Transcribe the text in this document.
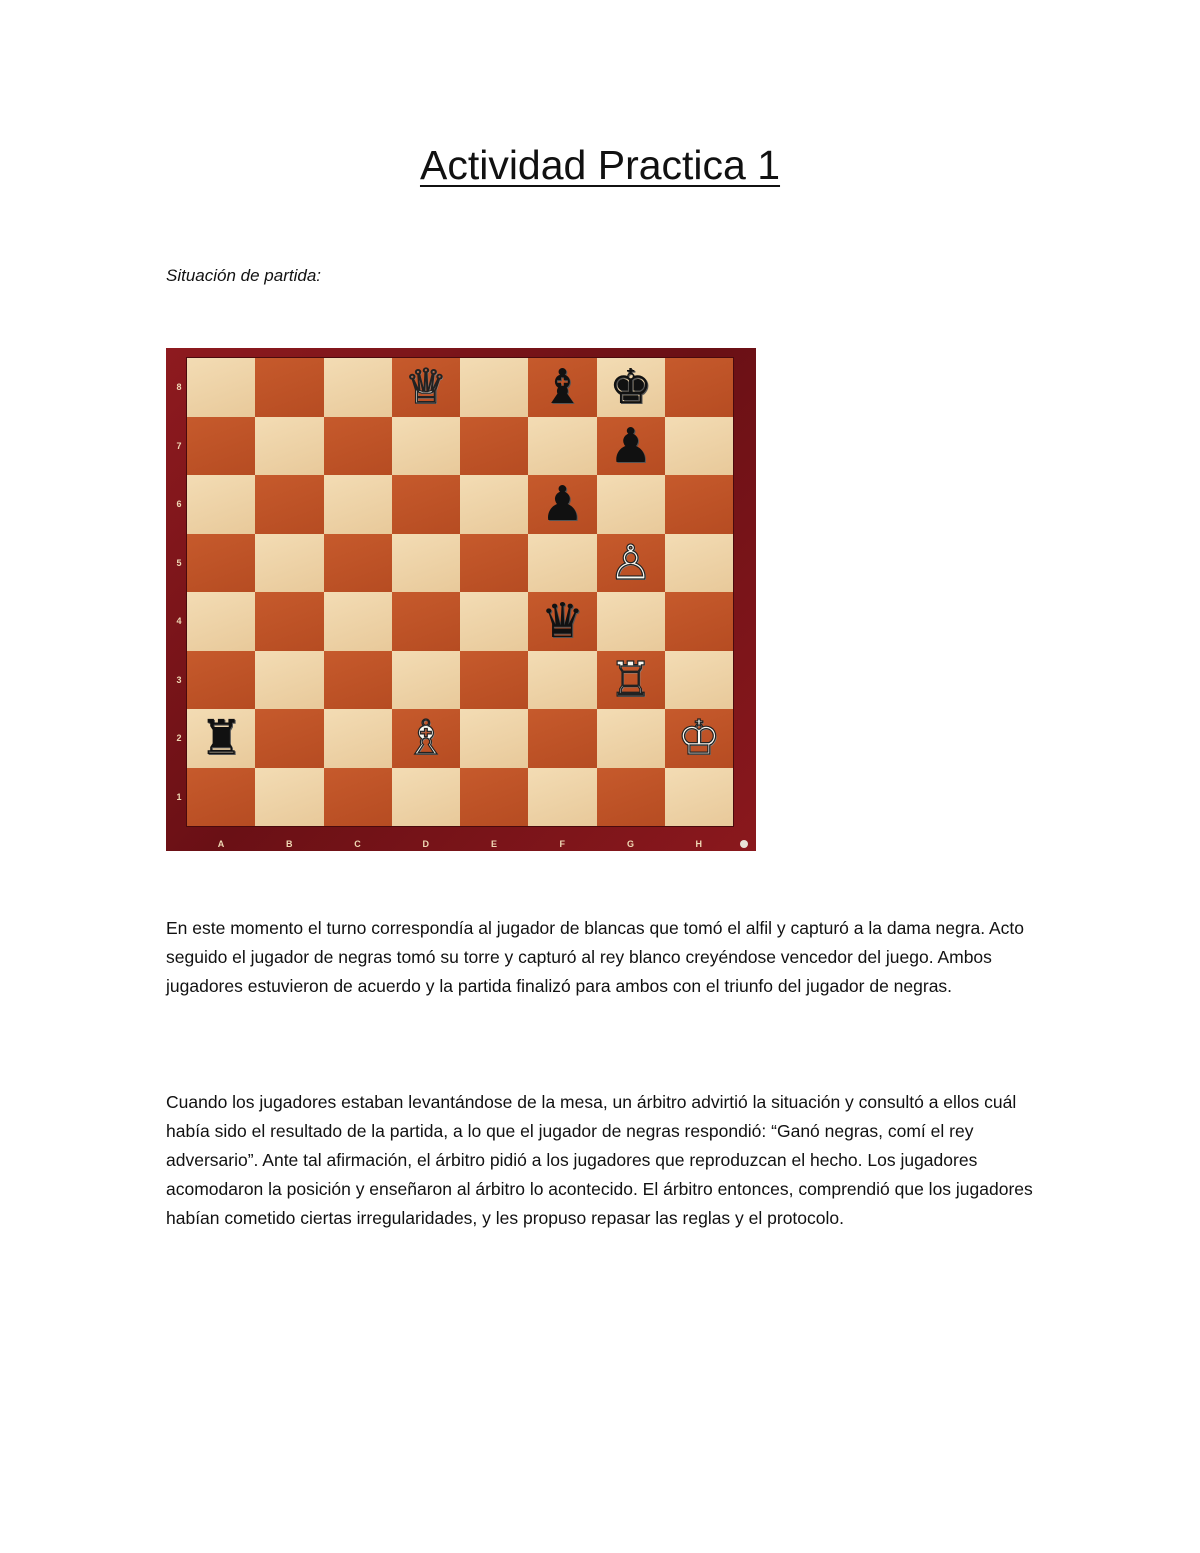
Actividad Practica 1
Situación de partida:
♕ ♝ ♚
♟
♟
♙
♛
♖
♜	♗	♔
8
7
6
5
4
3
2
1
A	B	C	D	E	F	G	H

En este momento el turno correspondía al jugador de blancas que tomó el alfil y capturó a la dama negra. Acto seguido el jugador de negras tomó su torre y capturó al rey blanco creyéndose vencedor del juego. Ambos jugadores estuvieron de acuerdo y la partida finalizó para ambos con el triunfo del jugador de negras.

Cuando los jugadores estaban levantándose de la mesa, un árbitro advirtió la situación y consultó a ellos cuál había sido el resultado de la partida, a lo que el jugador de negras respondió: “Ganó negras, comí el rey adversario”. Ante tal afirmación, el árbitro pidió a los jugadores que reproduzcan el hecho. Los jugadores acomodaron la posición y enseñaron al árbitro lo acontecido. El árbitro entonces, comprendió que los jugadores habían cometido ciertas irregularidades, y les propuso repasar las reglas y el protocolo.
